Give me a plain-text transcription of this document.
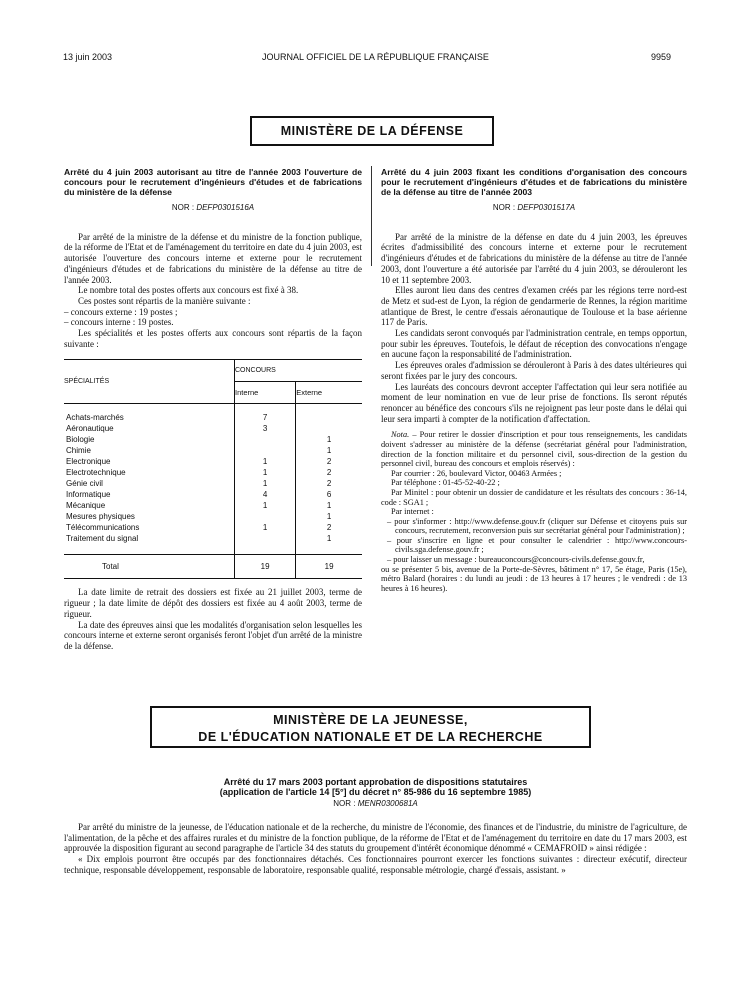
13 juin 2003	JOURNAL OFFICIEL DE LA RÉPUBLIQUE FRANÇAISE	9959
MINISTÈRE DE LA DÉFENSE

Arrêté du 4 juin 2003 autorisant au titre de l'année 2003 l'ouverture de concours pour le recrutement d'ingénieurs d'études et de fabrications du ministère de la défense

NOR : DEFP0301516A

Par arrêté de la ministre de la défense et du ministre de la fonction publique, de la réforme de l'Etat et de l'aménagement du territoire en date du 4 juin 2003, est autorisée l'ouverture des concours interne et externe pour le recrutement d'ingénieurs d'études et de fabrications du ministère de la défense au titre de l'année 2003.

Le nombre total des postes offerts aux concours est fixé à 38.

Ces postes sont répartis de la manière suivante :

– concours externe : 19 postes ;

– concours interne : 19 postes.

Les spécialités et les postes offerts aux concours sont répartis de la façon suivante :

SPÉCIALITÉS	CONCOURS	
	Interne	Externe
Achats-marchés	7	
Aéronautique	3	
Biologie		1
Chimie		1
Electronique	1	2
Electrotechnique	1	2
Génie civil	1	2
Informatique	4	6
Mécanique	1	1
Mesures physiques		1
Télécommunications	1	2
Traitement du signal		1
Total	19	19

La date limite de retrait des dossiers est fixée au 21 juillet 2003, terme de rigueur ; la date limite de dépôt des dossiers est fixée au 4 août 2003, terme de rigueur.

La date des épreuves ainsi que les modalités d'organisation selon lesquelles les concours interne et externe seront organisés feront l'objet d'un arrêté de la ministre de la défense.

Arrêté du 4 juin 2003 fixant les conditions d'organisation des concours pour le recrutement d'ingénieurs d'études et de fabrications du ministère de la défense au titre de l'année 2003

NOR : DEFP0301517A

Par arrêté de la ministre de la défense en date du 4 juin 2003, les épreuves écrites d'admissibilité des concours interne et externe pour le recrutement d'ingénieurs d'études et de fabrications du ministère de la défense au titre de l'année 2003, dont l'ouverture a été autorisée par l'arrêté du 4 juin 2003, se dérouleront les 10 et 11 septembre 2003.

Elles auront lieu dans des centres d'examen créés par les régions terre nord-est de Metz et sud-est de Lyon, la région de gendarmerie de Rennes, la région maritime atlantique de Brest, le centre d'essais aéronautique de Toulouse et la base aérienne 117 de Paris.

Les candidats seront convoqués par l'administration centrale, en temps opportun, pour subir les épreuves. Toutefois, le défaut de réception des convocations n'engage en aucune façon la responsabilité de l'administration.

Les épreuves orales d'admission se dérouleront à Paris à des dates ultérieures qui seront fixées par le jury des concours.

Les lauréats des concours devront accepter l'affectation qui leur sera notifiée au moment de leur nomination en vue de leur prise de fonctions. Ils seront réputés renoncer au bénéfice des concours s'ils ne rejoignent pas leur poste dans le délai qui leur sera imparti à compter de la notification d'affectation.

Nota. – Pour retirer le dossier d'inscription et pour tous renseignements, les candidats doivent s'adresser au ministère de la défense (secrétariat général pour l'administration, direction de la fonction militaire et du personnel civil, sous-direction de la gestion du personnel civil, bureau des concours et emplois réservés) :

Par courrier : 26, boulevard Victor, 00463 Armées ;

Par téléphone : 01-45-52-40-22 ;

Par Minitel : pour obtenir un dossier de candidature et les résultats des concours : 36-14, code : SGA1 ;

Par internet :

– pour s'informer : http://www.defense.gouv.fr (cliquer sur Défense et citoyens puis sur concours, recrutement, reconversion puis sur secrétariat général pour l'administration) ;

– pour s'inscrire en ligne et pour consulter le calendrier : http://www.concours-civils.sga.defense.gouv.fr ;

– pour laisser un message : bureauconcours@concours-civils.defense.gouv.fr,

ou se présenter 5 bis, avenue de la Porte-de-Sèvres, bâtiment n° 17, 5e étage, Paris (15e), métro Balard (horaires : du lundi au jeudi : de 13 heures à 17 heures ; le vendredi : de 13 heures à 16 heures).

MINISTÈRE DE LA JEUNESSE,
DE L'ÉDUCATION NATIONALE ET DE LA RECHERCHE
Arrêté du 17 mars 2003 portant approbation de dispositions statutaires
(application de l'article 14 [5°] du décret n° 85-986 du 16 septembre 1985)
NOR : MENR0300681A

Par arrêté du ministre de la jeunesse, de l'éducation nationale et de la recherche, du ministre de l'économie, des finances et de l'industrie, du ministre de l'agriculture, de l'alimentation, de la pêche et des affaires rurales et du ministre de la fonction publique, de la réforme de l'Etat et de l'aménagement du territoire en date du 17 mars 2003, est approuvée la disposition figurant au second paragraphe de l'article 34 des statuts du groupement d'intérêt économique dénommé « CEMAFROID » ainsi rédigée :

« Dix emplois pourront être occupés par des fonctionnaires détachés. Ces fonctionnaires pourront exercer les fonctions suivantes : directeur exécutif, directeur technique, responsable développement, responsable de laboratoire, responsable qualité, responsable métrologie, chargé d'essais, assistant. »
